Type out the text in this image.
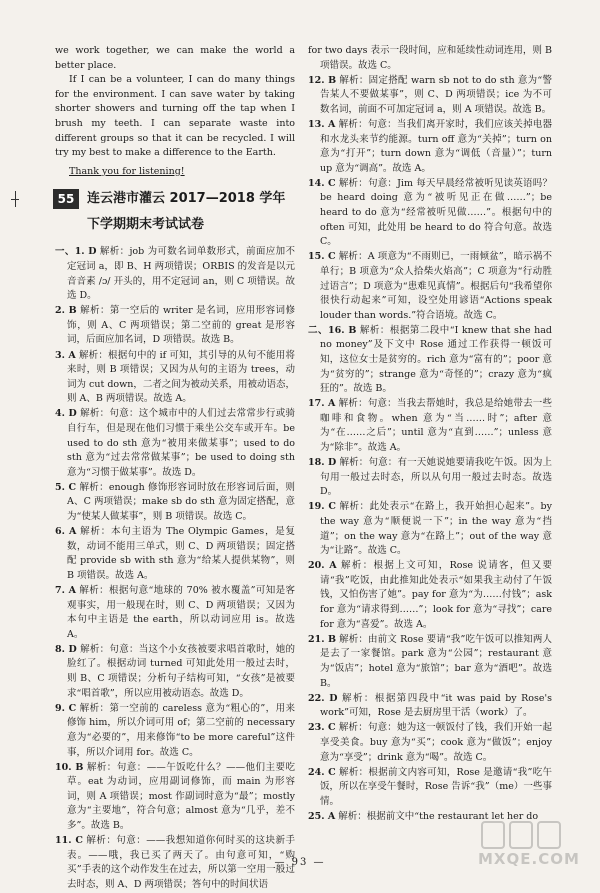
we work together, we can make the world a better place.

If I can be a volunteer, I can do many things for the environment. I can save water by taking shorter showers and turning off the tap when I brush my teeth. I can separate waste into different groups so that it can be recycled. I will try my best to make a difference to the Earth.

Thank you for listening!

55 连云港市灌云 2017—2018 学年
下学期期末考试试卷

一、1. D 解析：job 为可数名词单数形式，前面应加不定冠词 a，即 B、H 两项错误；ORBIS 的发音是以元音音素 /ɔ/ 开头的，用不定冠词 an，则 C 项错误。故选 D。

2. B 解析：第一空后的 writer 是名词，应用形容词修饰，则 A、C 两项错误；第二空前的 great 是形容词，后面应加名词，D 项错误。故选 B。

3. A 解析：根据句中的 if 可知，其引导的从句不能用将来时，则 B 项错误；又因为从句的主语为 trees，动词为 cut down，二者之间为被动关系，用被动语态，则 A、B 两项错误。故选 A。

4. D 解析：句意：这个城市中的人们过去常常步行或骑自行车，但是现在他们习惯于乘坐公交车或开车。be used to do sth 意为“被用来做某事”；used to do sth 意为“过去常常做某事”；be used to doing sth 意为“习惯于做某事”。故选 D。

5. C 解析：enough 修饰形容词时放在形容词后面，则 A、C 两项错误；make sb do sth 意为固定搭配，意为“使某人做某事”，则 B 项错误。故选 C。

6. A 解析：本句主语为 The Olympic Games，是复数，动词不能用三单式，则 C、D 两项错误；固定搭配 provide sb with sth 意为“给某人提供某物”，则 B 项错误。故选 A。

7. A 解析：根据句意“地球的 70% 被水覆盖”可知是客观事实，用一般现在时，则 C、D 两项错误；又因为本句中主语是 the earth，所以动词应用 is。故选 A。

8. D 解析：句意：当这个小女孩被要求唱首歌时，她的脸红了。根据动词 turned 可知此处用一般过去时，则 B、C 项错误；分析句子结构可知，“女孩”是被要求“唱首歌”，所以应用被动语态。故选 D。

9. C 解析：第一空前的 careless 意为“粗心的”，用来修饰 him，所以介词可用 of；第二空前的 necessary 意为“必要的”，用来修饰“to be more careful”这件事，所以介词用 for。故选 C。

10. B 解析：句意：——午饭吃什么？——他们主要吃草。eat 为动词，应用副词修饰，而 main 为形容词，则 A 项错误；most 作副词时意为“最”；mostly 意为“主要地”，符合句意；almost 意为“几乎，差不多”。故选 B。

11. C 解析：句意：——我想知道你何时买的这块新手表。——哦，我已买了两天了。由句意可知，“购买”手表的这个动作发生在过去，所以第一空用一般过去时态，则 A、D 两项错误；答句中的时间状语

for two days 表示一段时间，应和延续性动词连用，则 B 项错误。故选 C。

12. B 解析：固定搭配 warn sb not to do sth 意为“警告某人不要做某事”，则 C、D 两项错误；ice 为不可数名词，前面不可加定冠词 a，则 A 项错误。故选 B。

13. A 解析：句意：当我们离开家时，我们应该关掉电器和水龙头来节约能源。turn off 意为“关掉”；turn on 意为“打开”；turn down 意为“调低（音量）”；turn up 意为“调高”。故选 A。

14. C 解析：句意：Jim 每天早晨经常被听见读英语吗？be heard doing 意为“被听见正在做……”；be heard to do 意为“经常被听见做……”。根据句中的 often 可知，此处用 be heard to do 符合句意。故选 C。

15. C 解析：A 项意为“不雨则已，一雨倾盆”，暗示祸不单行；B 项意为“众人拾柴火焰高”；C 项意为“行动胜过语言”；D 项意为“患难见真情”。根据后句“我希望你很快行动起来”可知，设空处用谚语“Actions speak louder than words.”符合语境。故选 C。

二、16. B 解析：根据第二段中“I knew that she had no money”及下文中 Rose 通过工作获得一顿饭可知，这位女士是贫穷的。rich 意为“富有的”；poor 意为“贫穷的”；strange 意为“奇怪的”；crazy 意为“疯狂的”。故选 B。

17. A 解析：句意：当我去帮她时，我总是给她带去一些咖啡和食物。when 意为“当……时”；after 意为“在……之后”；until 意为“直到……”；unless 意为“除非”。故选 A。

18. D 解析：句意：有一天她说她要请我吃午饭。因为上句用一般过去时态，所以从句用一般过去时态。故选 D。

19. C 解析：此处表示“在路上，我开始担心起来”。by the way 意为“顺便说一下”；in the way 意为“挡道”；on the way 意为“在路上”；out of the way 意为“让路”。故选 C。

20. A 解析：根据上文可知，Rose 说请客，但又要请“我”吃饭，由此推知此处表示“如果我主动付了午饭钱，又怕伤害了她”。pay for 意为“为……付钱”；ask for 意为“请求得到……”；look for 意为“寻找”；care for 意为“喜爱”。故选 A。

21. B 解析：由前文 Rose 要请“我”吃午饭可以推知两人是去了一家餐馆。park 意为“公园”；restaurant 意为“饭店”；hotel 意为“旅馆”；bar 意为“酒吧”。故选 B。

22. D 解析：根据第四段中“it was paid by Rose's work”可知，Rose 是去厨房里干活（work）了。

23. C 解析：句意：她为这一顿饭付了钱，我们开始一起享受美食。buy 意为“买”；cook 意为“做饭”；enjoy 意为“享受”；drink 意为“喝”。故选 C。

24. C 解析：根据前文内容可知，Rose 是邀请“我”吃午饭，所以在享受午餐时，Rose 告诉“我”（me）一些事情。

25. A 解析：根据前文中“the restaurant let her do

— 93 —	MXQE.COM
